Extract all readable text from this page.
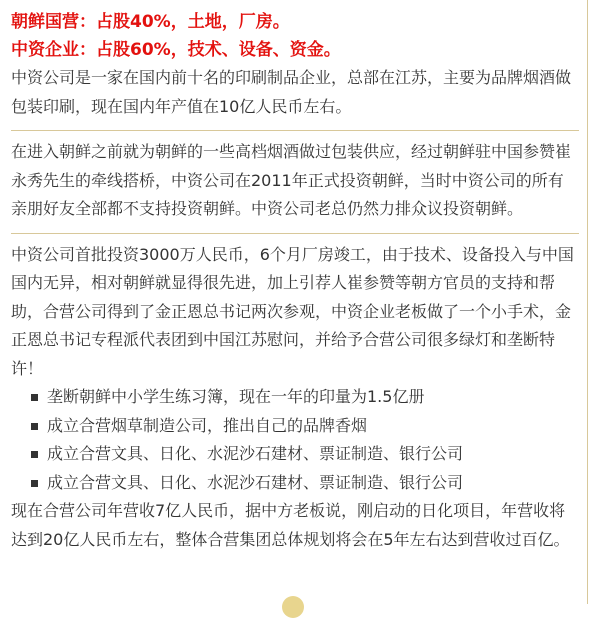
朝鲜国营：占股40%，土地，厂房。

中资企业：占股60%，技术、设备、资金。

中资公司是一家在国内前十名的印刷制品企业，总部在江苏，主要为品牌烟酒做包装印刷，现在国内年产值在10亿人民币左右。

在进入朝鲜之前就为朝鲜的一些高档烟酒做过包装供应，经过朝鲜驻中国参赞崔永秀先生的牵线搭桥，中资公司在2011年正式投资朝鲜，当时中资公司的所有亲朋好友全部都不支持投资朝鲜。中资公司老总仍然力排众议投资朝鲜。

中资公司首批投资3000万人民币，6个月厂房竣工，由于技术、设备投入与中国国内无异，相对朝鲜就显得很先进，加上引荐人崔参赞等朝方官员的支持和帮助，合营公司得到了金正恩总书记两次参观，中资企业老板做了一个小手术，金正恩总书记专程派代表团到中国江苏慰问，并给予合营公司很多绿灯和垄断特许！

垄断朝鲜中小学生练习簿，现在一年的印量为1.5亿册
成立合营烟草制造公司，推出自己的品牌香烟
成立合营文具、日化、水泥沙石建材、票证制造、银行公司
成立合营文具、日化、水泥沙石建材、票证制造、银行公司

现在合营公司年营收7亿人民币，据中方老板说，刚启动的日化项目，年营收将达到20亿人民币左右，整体合营集团总体规划将会在5年左右达到营收过百亿。
